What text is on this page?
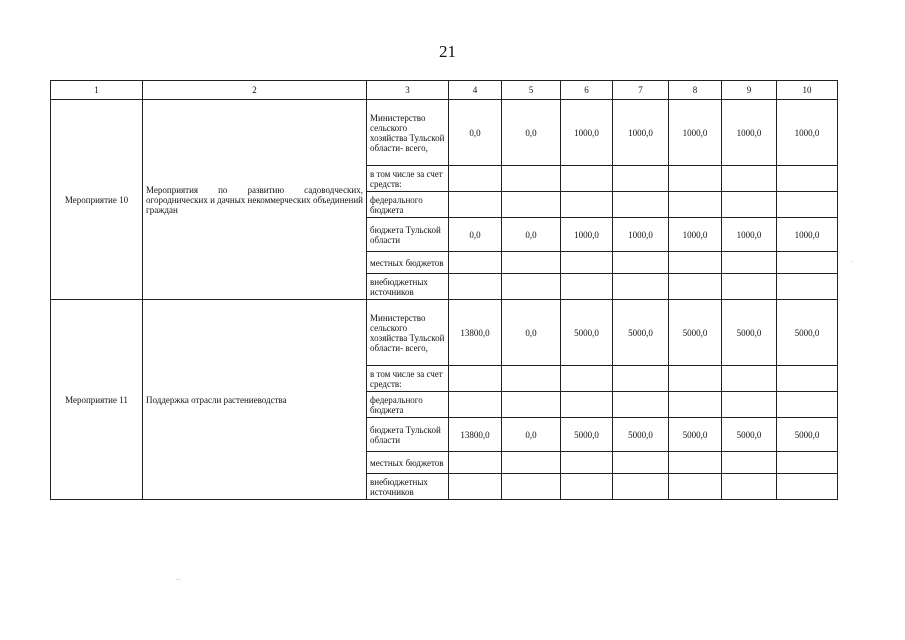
21
1	2	3	4	5	6	7	8	9	10
Мероприятие 10	Мероприятия по развитию садоводческих, огороднических и дачных некоммерческих объединений граждан	Министерство сельского хозяйства Тульской области- всего,	0,0	0,0	1000,0	1000,0	1000,0	1000,0	1000,0
		в том числе за счет средств:							
		федерального бюджета							
		бюджета Тульской области	0,0	0,0	1000,0	1000,0	1000,0	1000,0	1000,0
		местных бюджетов							
		внебюджетных источников							
Мероприятие 11	Поддержка отрасли растениеводства	Министерство сельского хозяйства Тульской области- всего,	13800,0	0,0	5000,0	5000,0	5000,0	5000,0	5000,0
		в том числе за счет средств:							
		федерального бюджета							
		бюджета Тульской области	13800,0	0,0	5000,0	5000,0	5000,0	5000,0	5000,0
		местных бюджетов							
		внебюджетных источников							
·
‥
